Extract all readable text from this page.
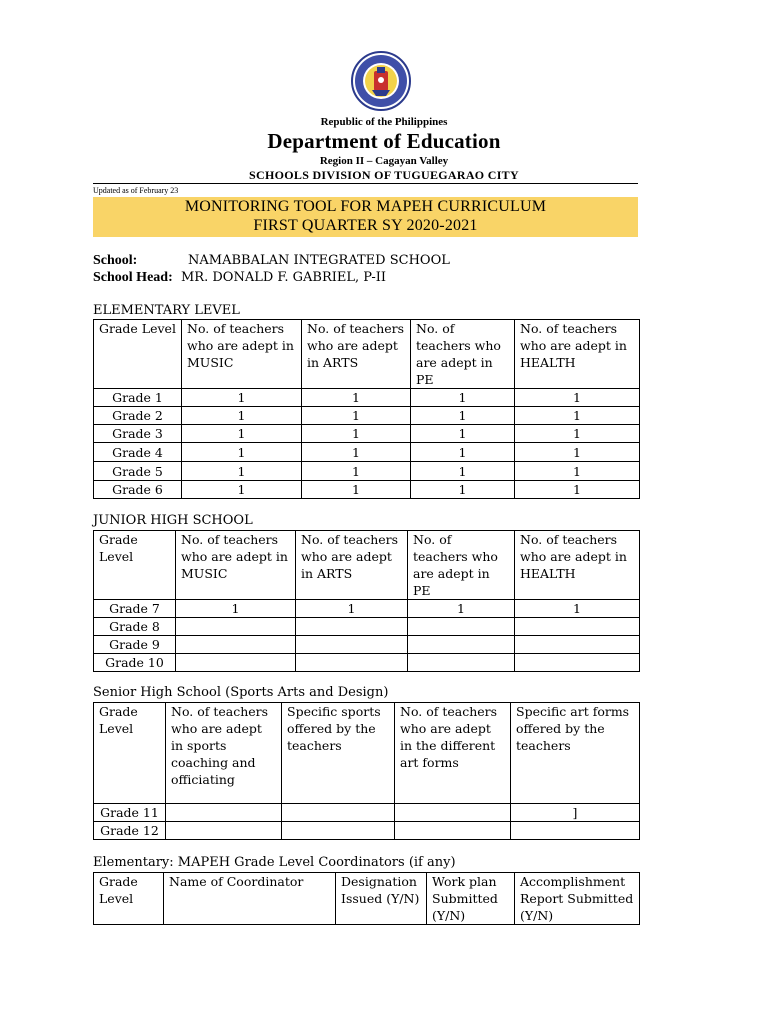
Republic of the Philippines
Department of Education
Region II – Cagayan Valley
SCHOOLS DIVISION OF TUGUEGARAO CITY
Updated as of February 23
MONITORING TOOL FOR MAPEH CURRICULUM
FIRST QUARTER SY 2020-2021
School:	NAMABBALAN INTEGRATED SCHOOL
School Head: MR. DONALD F. GABRIEL, P-II
ELEMENTARY LEVEL
Grade Level	No. of teachers who are adept in MUSIC	No. of teachers who are adept in ARTS	No. of teachers who are adept in PE	No. of teachers who are adept in HEALTH
Grade 1	1	1	1	1
Grade 2	1	1	1	1
Grade 3	1	1	1	1
Grade 4	1	1	1	1
Grade 5	1	1	1	1
Grade 6	1	1	1	1
JUNIOR HIGH SCHOOL
Grade Level	No. of teachers who are adept in MUSIC	No. of teachers who are adept in ARTS	No. of teachers who are adept in PE	No. of teachers who are adept in HEALTH
Grade 7	1	1	1	1
Grade 8				
Grade 9				
Grade 10				
Senior High School (Sports Arts and Design)
Grade Level	No. of teachers who are adept in sports coaching and officiating	Specific sports offered by the teachers	No. of teachers who are adept in the different art forms	Specific art forms offered by the teachers
Grade 11				]
Grade 12				
Elementary: MAPEH Grade Level Coordinators (if any)
Grade Level	Name of Coordinator	Designation Issued (Y/N)	Work plan Submitted (Y/N)	Accomplishment Report Submitted (Y/N)
